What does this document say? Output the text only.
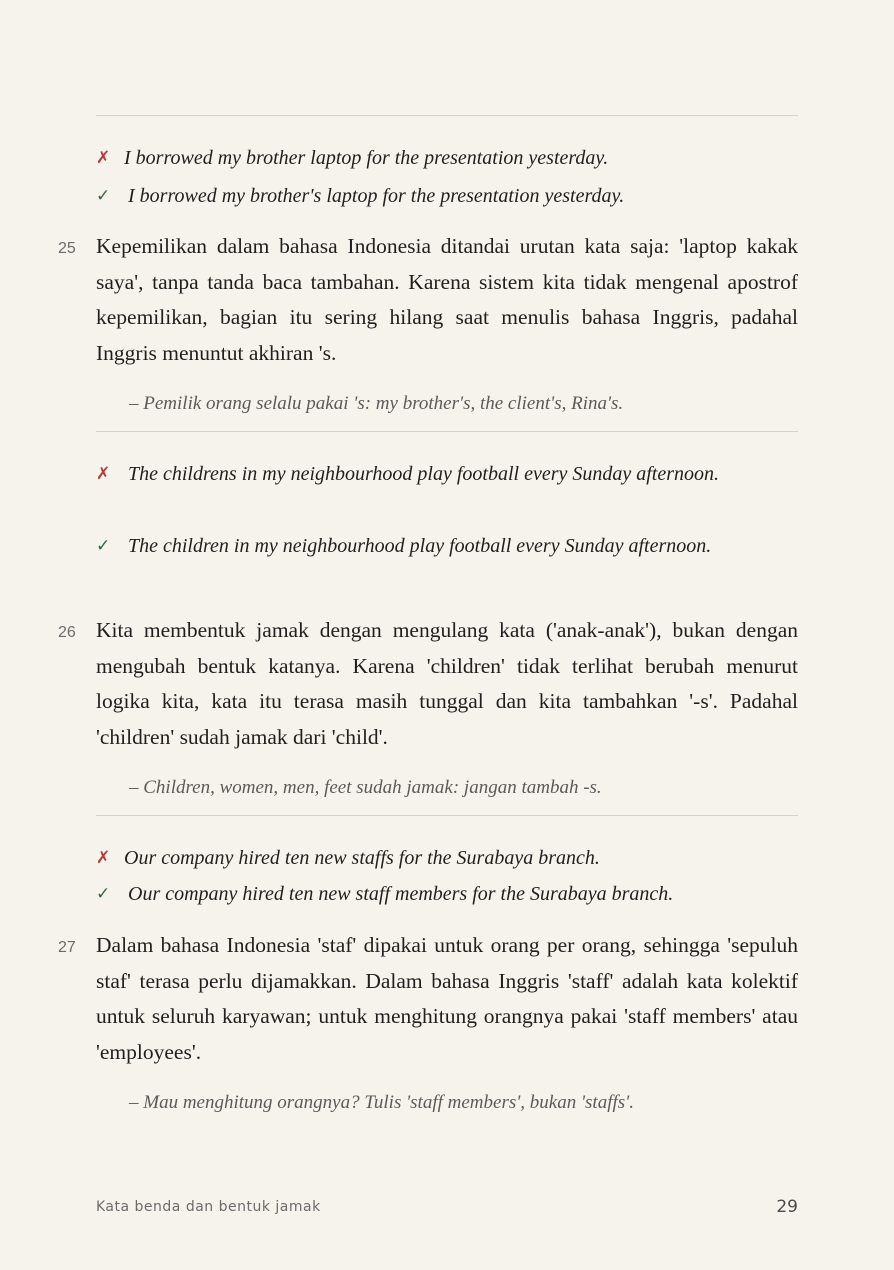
✗ I borrowed my brother laptop for the presentation yesterday.
✓ I borrowed my brother's laptop for the presentation yesterday.
25 Kepemilikan dalam bahasa Indonesia ditandai urutan kata saja: 'laptop kakak saya', tanpa tanda baca tambahan. Karena sistem kita tidak mengenal apostrof kepemilikan, bagian itu sering hilang saat menulis bahasa Inggris, padahal Inggris menuntut akhiran 's.

– Pemilik orang selalu pakai 's: my brother's, the client's, Rina's.
✗ The childrens in my neighbourhood play football every Sunday afternoon.
✓ The children in my neighbourhood play football every Sunday afternoon.
26 Kita membentuk jamak dengan mengulang kata ('anak-anak'), bukan dengan mengubah bentuk katanya. Karena 'children' tidak terlihat berubah menurut logika kita, kata itu terasa masih tunggal dan kita tambahkan '-s'. Padahal 'children' sudah jamak dari 'child'.

– Children, women, men, feet sudah jamak: jangan tambah -s.
✗ Our company hired ten new staffs for the Surabaya branch.
✓ Our company hired ten new staff members for the Surabaya branch.
27 Dalam bahasa Indonesia 'staf' dipakai untuk orang per orang, sehingga 'sepuluh staf' terasa perlu dijamakkan. Dalam bahasa Inggris 'staff' adalah kata kolektif untuk seluruh karyawan; untuk menghitung orangnya pakai 'staff members' atau 'employees'.

– Mau menghitung orangnya? Tulis 'staff members', bukan 'staffs'.
Kata benda dan bentuk jamak	29
